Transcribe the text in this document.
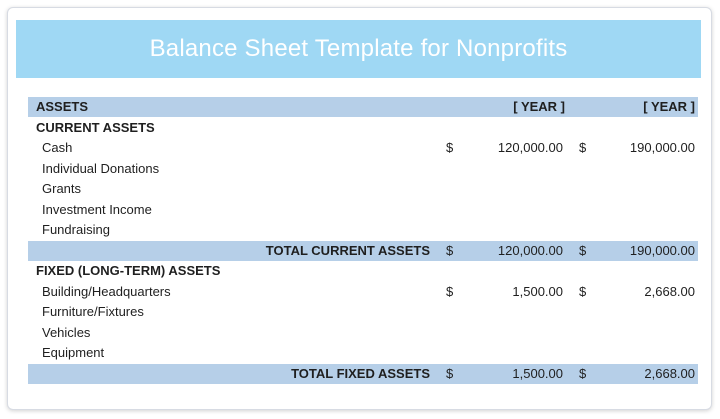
Balance Sheet Template for Nonprofits
ASSETS	[ YEAR ]	[ YEAR ]
CURRENT ASSETS
Cash	$	120,000.00 $	190,000.00
Individual Donations
Grants
Investment Income
Fundraising
TOTAL CURRENT ASSETS $	120,000.00 $	190,000.00
FIXED (LONG-TERM) ASSETS
Building/Headquarters	$	1,500.00 $	2,668.00
Furniture/Fixtures
Vehicles
Equipment
TOTAL FIXED ASSETS $	1,500.00 $	2,668.00
